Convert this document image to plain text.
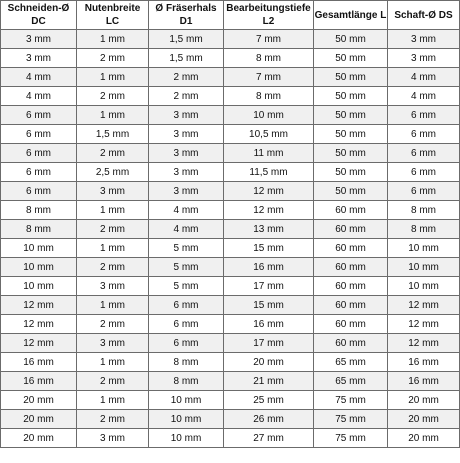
Schneiden-Ø DC	Nutenbreite LC	Ø Fräserhals D1	Bearbeitungstiefe L2	Gesamtlänge L	Schaft-Ø DS
3 mm	1 mm	1,5 mm	7 mm	50 mm	3 mm
3 mm	2 mm	1,5 mm	8 mm	50 mm	3 mm
4 mm	1 mm	2 mm	7 mm	50 mm	4 mm
4 mm	2 mm	2 mm	8 mm	50 mm	4 mm
6 mm	1 mm	3 mm	10 mm	50 mm	6 mm
6 mm	1,5 mm	3 mm	10,5 mm	50 mm	6 mm
6 mm	2 mm	3 mm	11 mm	50 mm	6 mm
6 mm	2,5 mm	3 mm	11,5 mm	50 mm	6 mm
6 mm	3 mm	3 mm	12 mm	50 mm	6 mm
8 mm	1 mm	4 mm	12 mm	60 mm	8 mm
8 mm	2 mm	4 mm	13 mm	60 mm	8 mm
10 mm	1 mm	5 mm	15 mm	60 mm	10 mm
10 mm	2 mm	5 mm	16 mm	60 mm	10 mm
10 mm	3 mm	5 mm	17 mm	60 mm	10 mm
12 mm	1 mm	6 mm	15 mm	60 mm	12 mm
12 mm	2 mm	6 mm	16 mm	60 mm	12 mm
12 mm	3 mm	6 mm	17 mm	60 mm	12 mm
16 mm	1 mm	8 mm	20 mm	65 mm	16 mm
16 mm	2 mm	8 mm	21 mm	65 mm	16 mm
20 mm	1 mm	10 mm	25 mm	75 mm	20 mm
20 mm	2 mm	10 mm	26 mm	75 mm	20 mm
20 mm	3 mm	10 mm	27 mm	75 mm	20 mm
